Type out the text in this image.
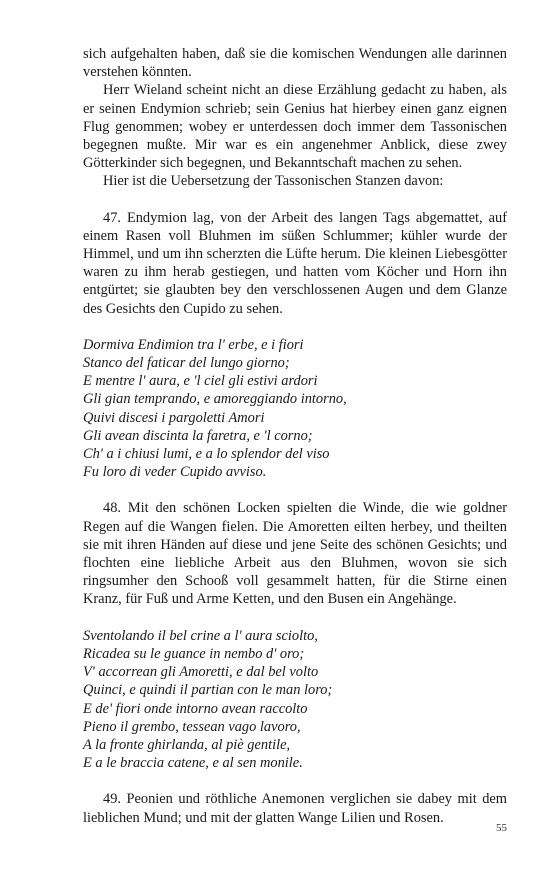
sich aufgehalten haben, daß sie die komischen Wendungen alle darinnen verstehen könnten.

Herr Wieland scheint nicht an diese Erzählung gedacht zu haben, als er seinen Endymion schrieb; sein Genius hat hierbey einen ganz eignen Flug genommen; wobey er unterdessen doch immer dem Tassonischen begegnen mußte. Mir war es ein angenehmer Anblick, diese zwey Götterkinder sich begegnen, und Bekanntschaft machen zu sehen.

Hier ist die Uebersetzung der Tassonischen Stanzen davon:

47. Endymion lag, von der Arbeit des langen Tags abgemattet, auf einem Rasen voll Bluhmen im süßen Schlummer; kühler wurde der Himmel, und um ihn scherzten die Lüfte herum. Die kleinen Liebesgötter waren zu ihm herab gestiegen, und hatten vom Köcher und Horn ihn entgürtet; sie glaubten bey den verschlossenen Augen und dem Glanze des Gesichts den Cupido zu sehen.

Dormiva Endimion tra l' erbe, e i fiori
Stanco del faticar del lungo giorno;
E mentre l' aura, e 'l ciel gli estivi ardori
Gli gian temprando, e amoreggiando intorno,
Quivi discesi i pargoletti Amori
Gli avean discinta la faretra, e 'l corno;
Ch' a i chiusi lumi, e a lo splendor del viso
Fu loro di veder Cupido avviso.

48. Mit den schönen Locken spielten die Winde, die wie goldner Regen auf die Wangen fielen. Die Amoretten eilten herbey, und theilten sie mit ihren Händen auf diese und jene Seite des schönen Gesichts; und flochten eine liebliche Arbeit aus den Bluhmen, wovon sie sich ringsumher den Schooß voll gesammelt hatten, für die Stirne einen Kranz, für Fuß und Arme Ketten, und den Busen ein Angehänge.

Sventolando il bel crine a l' aura sciolto,
Ricadea su le guance in nembo d' oro;
V' accorrean gli Amoretti, e dal bel volto
Quinci, e quindi il partian con le man loro;
E de' fiori onde intorno avean raccolto
Pieno il grembo, tessean vago lavoro,
A la fronte ghirlanda, al piè gentile,
E a le braccia catene, e al sen monile.

49. Peonien und röthliche Anemonen verglichen sie dabey mit dem lieblichen Mund; und mit der glatten Wange Lilien und Rosen.

55
